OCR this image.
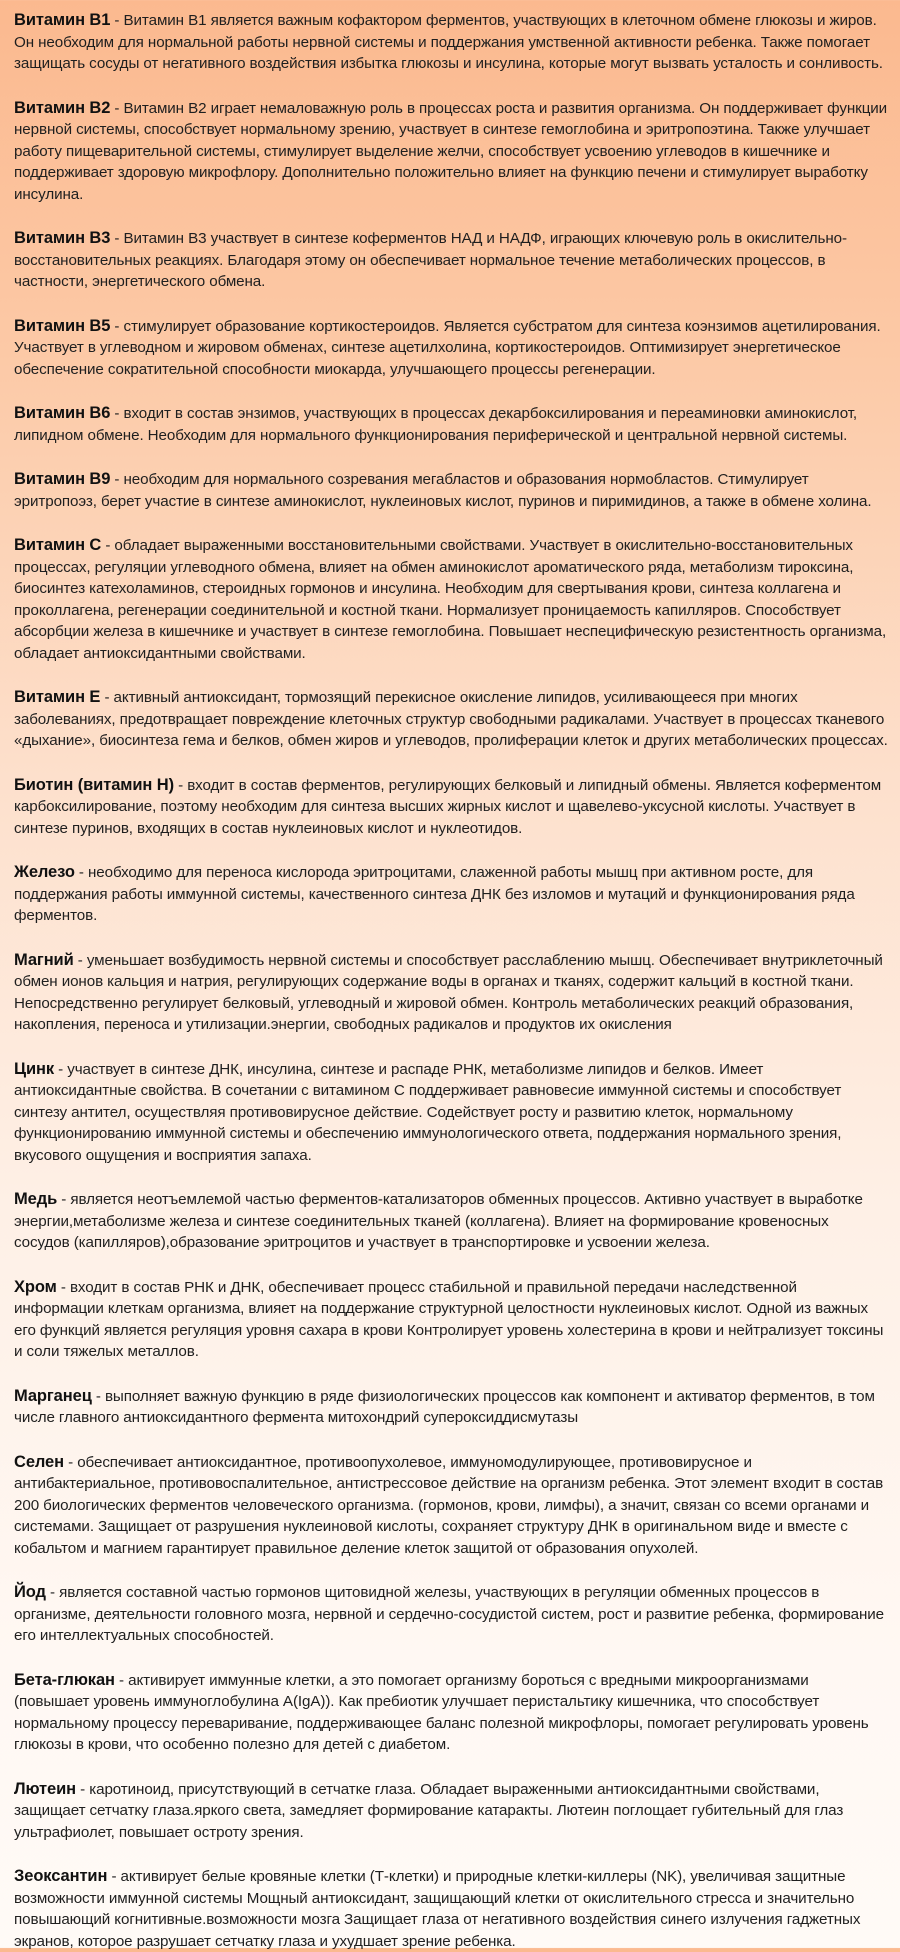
Витамин В1 - Витамин В1 является важным кофактором ферментов, участвующих в клеточном обмене глюкозы и жиров. Он необходим для нормальной работы нервной системы и поддержания умственной активности ребенка. Также помогает защищать сосуды от негативного воздействия избытка глюкозы и инсулина, которые могут вызвать усталость и сонливость.

Витамин В2 - Витамин В2 играет немаловажную роль в процессах роста и развития организма. Он поддерживает функции нервной системы, способствует нормальному зрению, участвует в синтезе гемоглобина и эритропоэтина. Также улучшает работу пищеварительной системы, стимулирует выделение желчи, способствует усвоению углеводов в кишечнике и поддерживает здоровую микрофлору. Дополнительно положительно влияет на функцию печени и стимулирует выработку инсулина.

Витамин В3 - Витамин В3 участвует в синтезе коферментов НАД и НАДФ, играющих ключевую роль в окислительно-восстановительных реакциях. Благодаря этому он обеспечивает нормальное течение метаболических процессов, в частности, энергетического обмена.

Витамин В5 - стимулирует образование кортикостероидов. Является субстратом для синтеза коэнзимов ацетилирования. Участвует в углеводном и жировом обменах, синтезе ацетилхолина, кортикостероидов. Оптимизирует энергетическое обеспечение сократительной способности миокарда, улучшающего процессы регенерации.

Витамин В6 - входит в состав энзимов, участвующих в процессах декарбоксилирования и переаминовки аминокислот, липидном обмене. Необходим для нормального функционирования периферической и центральной нервной системы.

Витамин В9 - необходим для нормального созревания мегабластов и образования нормобластов. Стимулирует эритропоэз, берет участие в синтезе аминокислот, нуклеиновых кислот, пуринов и пиримидинов, а также в обмене холина.

Витамин С - обладает выраженными восстановительными свойствами. Участвует в окислительно-восстановительных процессах, регуляции углеводного обмена, влияет на обмен аминокислот ароматического ряда, метаболизм тироксина, биосинтез катехоламинов, стероидных гормонов и инсулина. Необходим для свертывания крови, синтеза коллагена и проколлагена, регенерации соединительной и костной ткани. Нормализует проницаемость капилляров. Способствует абсорбции железа в кишечнике и участвует в синтезе гемоглобина. Повышает неспецифическую резистентность организма, обладает антиоксидантными свойствами.

Витамин Е - активный антиоксидант, тормозящий перекисное окисление липидов, усиливающееся при многих заболеваниях, предотвращает повреждение клеточных структур свободными радикалами. Участвует в процессах тканевого «дыхание», биосинтеза гема и белков, обмен жиров и углеводов, пролиферации клеток и других метаболических процессах.

Биотин (витамин Н) - входит в состав ферментов, регулирующих белковый и липидный обмены. Является коферментом карбоксилирование, поэтому необходим для синтеза высших жирных кислот и щавелево-уксусной кислоты. Участвует в синтезе пуринов, входящих в состав нуклеиновых кислот и нуклеотидов.

Железо - необходимо для переноса кислорода эритроцитами, слаженной работы мышц при активном росте, для поддержания работы иммунной системы, качественного синтеза ДНК без изломов и мутаций и функционирования ряда ферментов.

Магний - уменьшает возбудимость нервной системы и способствует расслаблению мышц. Обеспечивает внутриклеточный обмен ионов кальция и натрия, регулирующих содержание воды в органах и тканях, содержит кальций в костной ткани. Непосредственно регулирует белковый, углеводный и жировой обмен. Контроль метаболических реакций образования, накопления, переноса и утилизации.энергии, свободных радикалов и продуктов их окисления

Цинк - участвует в синтезе ДНК, инсулина, синтезе и распаде РНК, метаболизме липидов и белков. Имеет антиоксидантные свойства. В сочетании с витамином С поддерживает равновесие иммунной системы и способствует синтезу антител, осуществляя противовирусное действие. Содействует росту и развитию клеток, нормальному функционированию иммунной системы и обеспечению иммунологического ответа, поддержания нормального зрения, вкусового ощущения и восприятия запаха.

Медь - является неотъемлемой частью ферментов-катализаторов обменных процессов. Активно участвует в выработке энергии,метаболизме железа и синтезе соединительных тканей (коллагена). Влияет на формирование кровеносных сосудов (капилляров),образование эритроцитов и участвует в транспортировке и усвоении железа.

Хром - входит в состав РНК и ДНК, обеспечивает процесс стабильной и правильной передачи наследственной информации клеткам организма, влияет на поддержание структурной целостности нуклеиновых кислот. Одной из важных его функций является регуляция уровня сахара в крови Контролирует уровень холестерина в крови и нейтрализует токсины и соли тяжелых металлов.

Марганец - выполняет важную функцию в ряде физиологических процессов как компонент и активатор ферментов, в том числе главного антиоксидантного фермента митохондрий супероксиддисмутазы

Селен - обеспечивает антиоксидантное, противоопухолевое, иммуномодулирующее, противовирусное и антибактериальное, противовоспалительное, антистрессовое действие на организм ребенка. Этот элемент входит в состав 200 биологических ферментов человеческого организма. (гормонов, крови, лимфы), а значит, связан со всеми органами и системами. Защищает от разрушения нуклеиновой кислоты, сохраняет структуру ДНК в оригинальном виде и вместе с кобальтом и магнием гарантирует правильное деление клеток защитой от образования опухолей.

Йод - является составной частью гормонов щитовидной железы, участвующих в регуляции обменных процессов в организме, деятельности головного мозга, нервной и сердечно-сосудистой систем, рост и развитие ребенка, формирование его интеллектуальных способностей.

Бета-глюкан - активирует иммунные клетки, а это помогает организму бороться с вредными микроорганизмами (повышает уровень иммуноглобулина A(IgA)). Как пребиотик улучшает перистальтику кишечника, что способствует нормальному процессу переваривание, поддерживающее баланс полезной микрофлоры, помогает регулировать уровень глюкозы в крови, что особенно полезно для детей с диабетом.

Лютеин - каротиноид, присутствующий в сетчатке глаза. Обладает выраженными антиоксидантными свойствами, защищает сетчатку глаза.яркого света, замедляет формирование катаракты. Лютеин поглощает губительный для глаз ультрафиолет, повышает остроту зрения.

Зеоксантин - активирует белые кровяные клетки (Т-клетки) и природные клетки-киллеры (NK), увеличивая защитные возможности иммунной системы Мощный антиоксидант, защищающий клетки от окислительного стресса и значительно повышающий когнитивные.возможности мозга Защищает глаза от негативного воздействия синего излучения гаджетных экранов, которое разрушает сетчатку глаза и ухудшает зрение ребенка.
